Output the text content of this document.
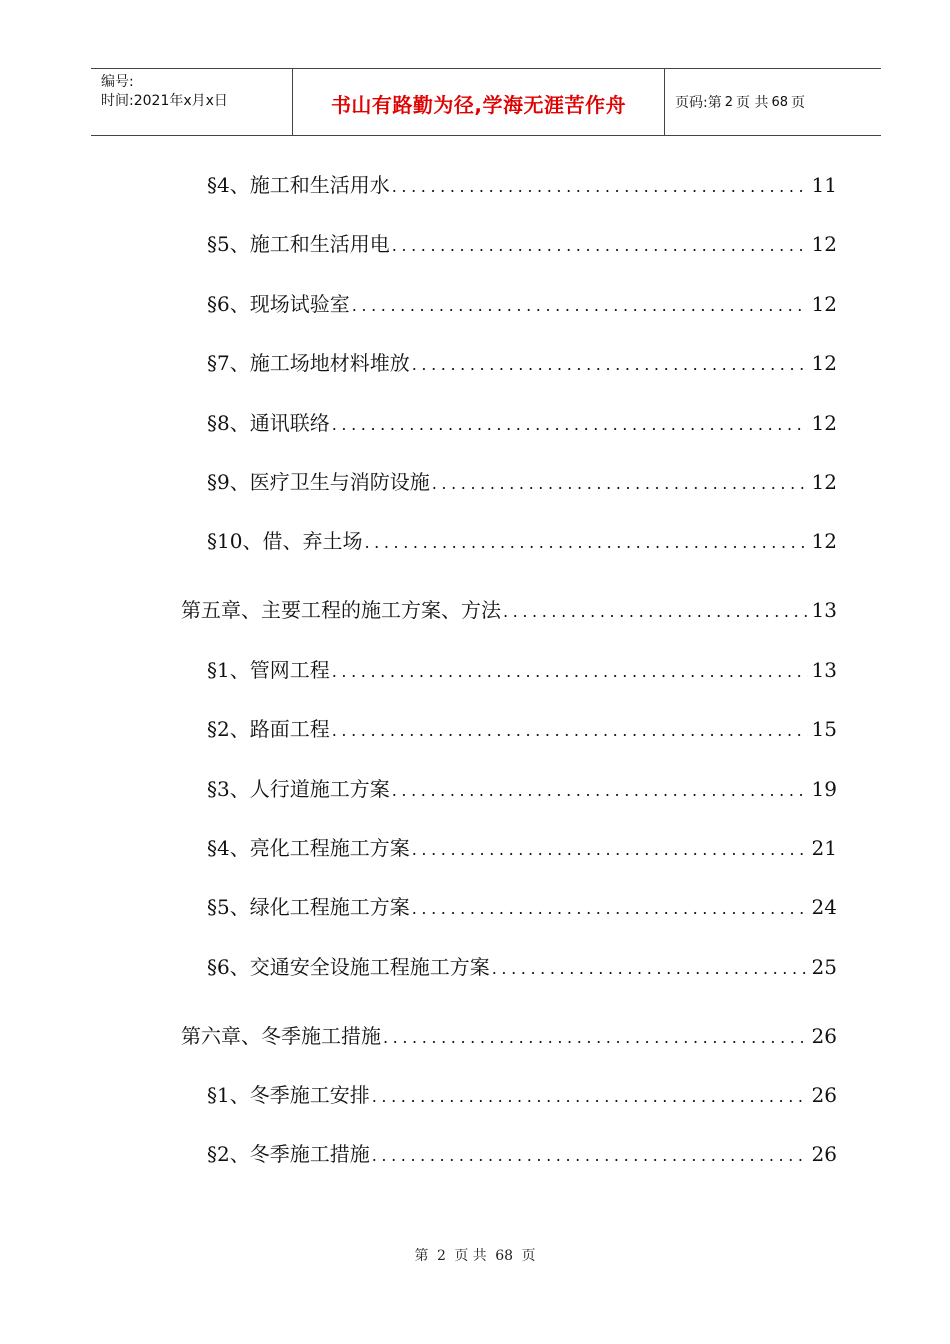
编号:
时间:2021年x月x日	书山有路勤为径,学海无涯苦作舟	页码:第 2 页 共 68 页
§4、施工和生活用水 .....	11
§5、施工和生活用电 .....	12
§6、现场试验室 .....	12
§7、施工场地材料堆放 .....	12
§8、通讯联络 .....	12
§9、医疗卫生与消防设施 .....	12
§10、借、弃土场 .....	12
第五章、主要工程的施工方案、方法 .....	13
§1、管网工程 .....	13
§2、路面工程 .....	15
§3、人行道施工方案 .....	19
§4、亮化工程施工方案 .....	21
§5、绿化工程施工方案 .....	24
§6、交通安全设施工程施工方案 .....	25
第六章、冬季施工措施 .....	26
§1、冬季施工安排 .....	26
§2、冬季施工措施 .....	26
第 2 页 共 68 页
